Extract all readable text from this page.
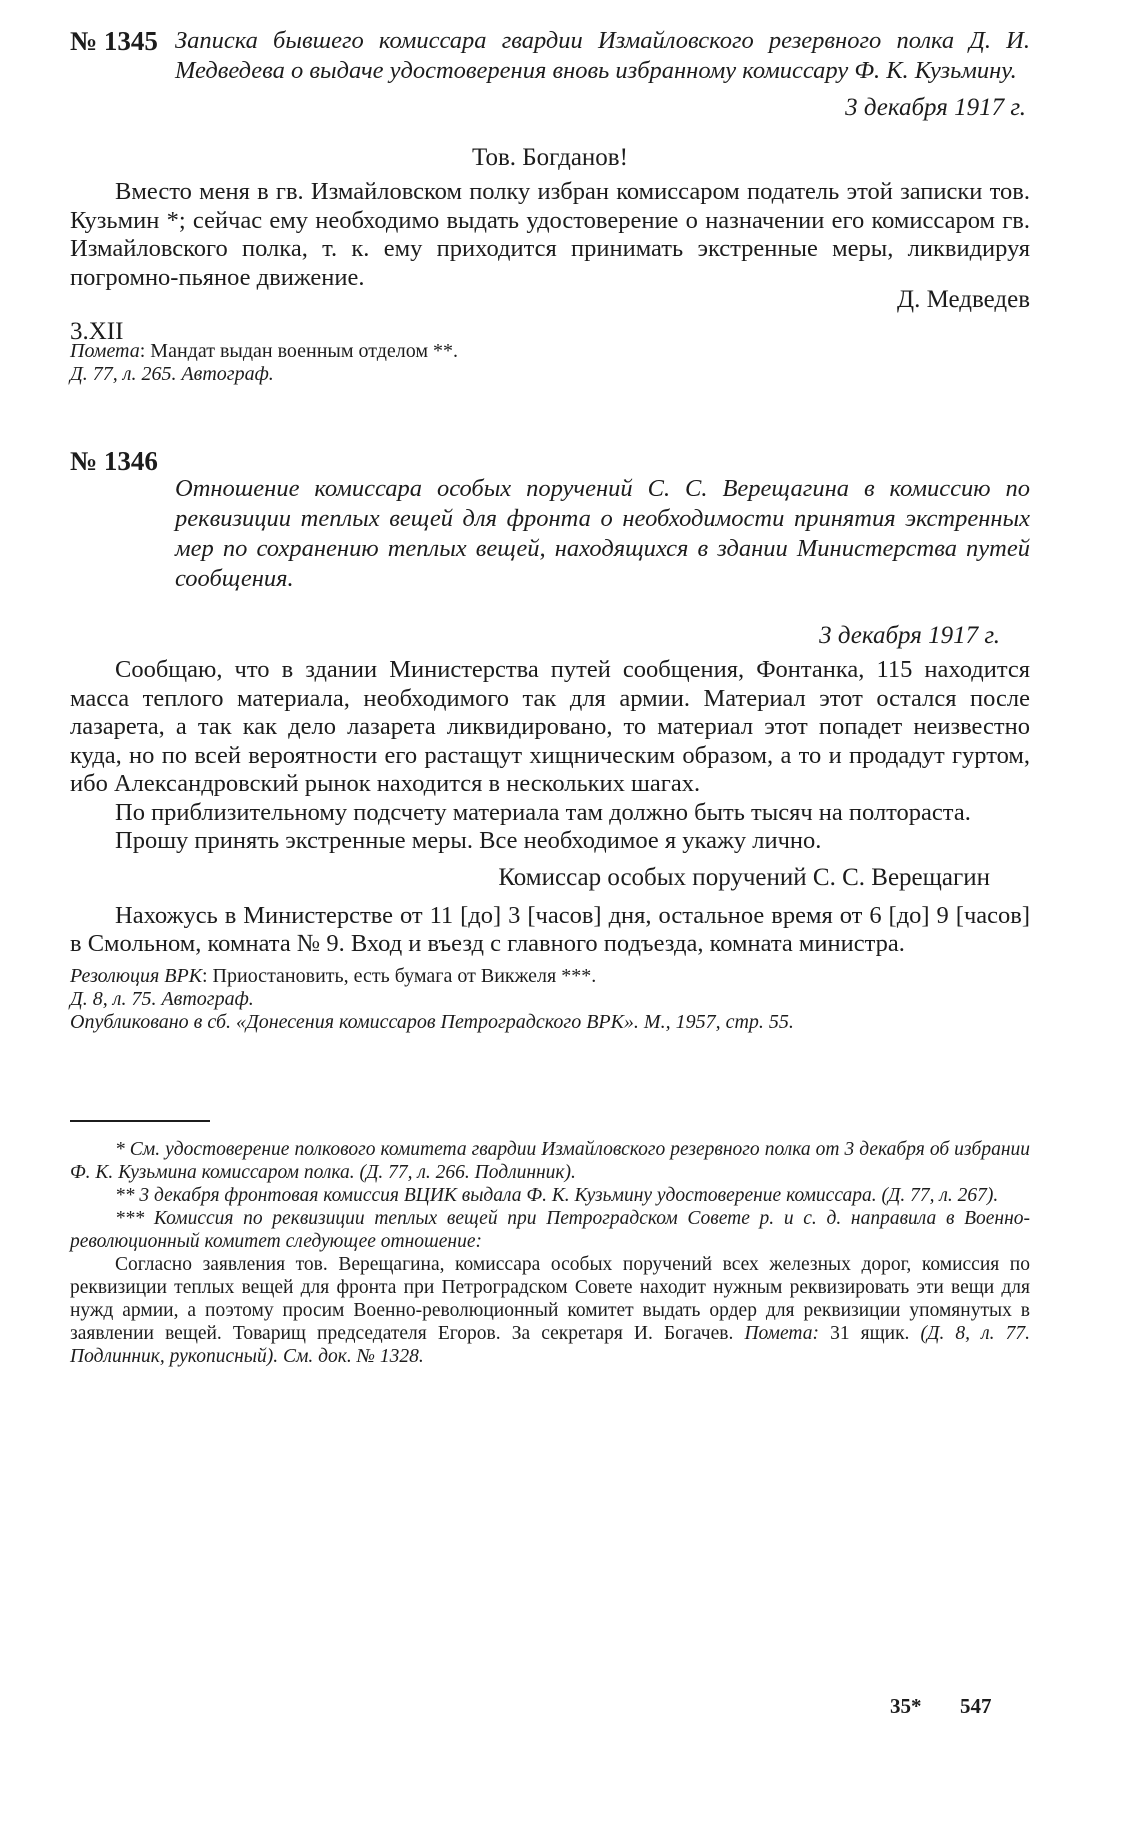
№ 1345 Записка бывшего комиссара гвардии Измайловского резервного полка Д. И. Медведева о выдаче удостоверения вновь избранному комиссару Ф. К. Кузьмину.

3 декабря 1917 г.

Тов. Богданов!

Вместо меня в гв. Измайловском полку избран комиссаром податель этой записки тов. Кузьмин *; сейчас ему необходимо выдать удостоверение о назначении его комиссаром гв. Измайловского полка, т. к. ему приходится принимать экстренные меры, ликвидируя погромно-пьяное движение.

3.XII
Д. Медведев

Помета: Мандат выдан военным отделом **.

Д. 77, л. 265. Автограф.

№ 1346

Отношение комиссара особых поручений С. С. Верещагина в комиссию по реквизиции теплых вещей для фронта о необходимости принятия экстренных мер по сохранению теплых вещей, находящихся в здании Министерства путей сообщения.

3 декабря 1917 г.

Сообщаю, что в здании Министерства путей сообщения, Фонтанка, 115 находится масса теплого материала, необходимого так для армии. Материал этот остался после лазарета, а так как дело лазарета ликвидировано, то материал этот попадет неизвестно куда, но по всей вероятности его растащут хищническим образом, а то и продадут гуртом, ибо Александровский рынок находится в нескольких шагах.

По приблизительному подсчету материала там должно быть тысяч на полтораста.

Прошу принять экстренные меры. Все необходимое я укажу лично.

Комиссар особых поручений С. С. Верещагин

Нахожусь в Министерстве от 11 [до] 3 [часов] дня, остальное время от 6 [до] 9 [часов] в Смольном, комната № 9. Вход и въезд с главного подъезда, комната министра.

Резолюция ВРК: Приостановить, есть бумага от Викжеля ***.

Д. 8, л. 75. Автограф.

Опубликовано в сб. «Донесения комиссаров Петроградского ВРК». М., 1957, стр. 55.

* См. удостоверение полкового комитета гвардии Измайловского резервного полка от 3 декабря об избрании Ф. К. Кузьмина комиссаром полка. (Д. 77, л. 266. Подлинник).

** 3 декабря фронтовая комиссия ВЦИК выдала Ф. К. Кузьмину удостоверение комиссара. (Д. 77, л. 267).

*** Комиссия по реквизиции теплых вещей при Петроградском Совете р. и с. д. направила в Военно-революционный комитет следующее отношение:

Согласно заявления тов. Верещагина, комиссара особых поручений всех железных дорог, комиссия по реквизиции теплых вещей для фронта при Петроградском Совете находит нужным реквизировать эти вещи для нужд армии, а поэтому просим Военно-революционный комитет выдать ордер для реквизиции упомянутых в заявлении вещей. Товарищ председателя Егоров. За секретаря И. Богачев. Помета: 31 ящик. (Д. 8, л. 77. Подлинник, рукописный). См. док. № 1328.

35* 547
